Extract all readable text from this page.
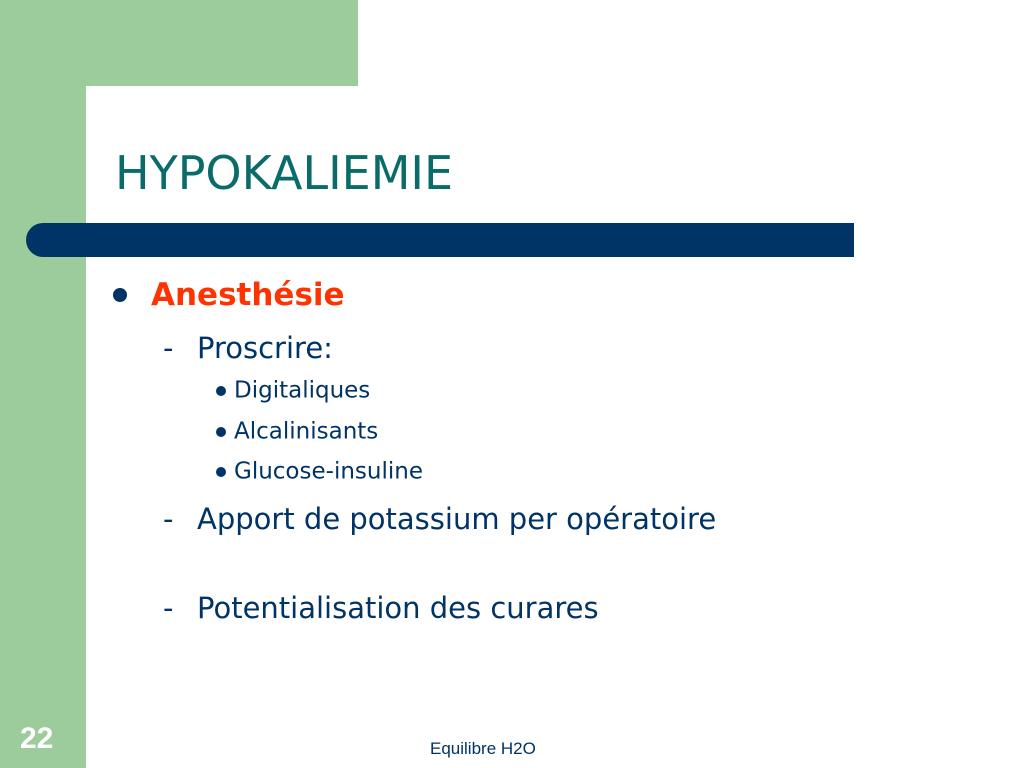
HYPOKALIEMIE
Anesthésie
- Proscrire:
Digitaliques
Alcalinisants
Glucose-insuline
- Apport de potassium per opératoire
- Potentialisation des curares
22	Equilibre H2O
